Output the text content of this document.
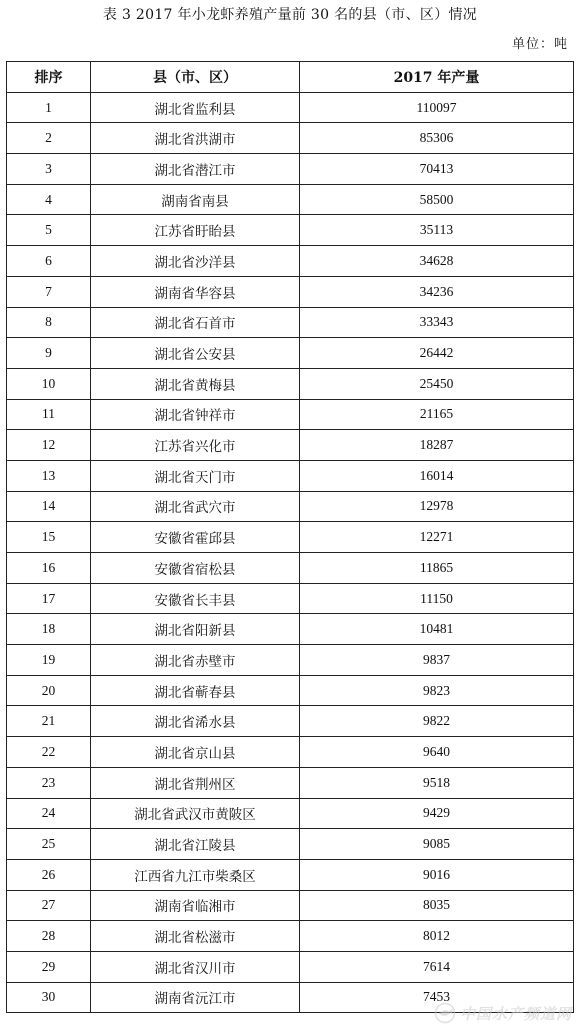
表 3 2017 年小龙虾养殖产量前 30 名的县（市、区）情况
单位：吨
排序	县（市、区）	2017 年产量
1	湖北省监利县	110097
2	湖北省洪湖市	85306
3	湖北省潜江市	70413
4	湖南省南县	58500
5	江苏省盱眙县	35113
6	湖北省沙洋县	34628
7	湖南省华容县	34236
8	湖北省石首市	33343
9	湖北省公安县	26442
10	湖北省黄梅县	25450
11	湖北省钟祥市	21165
12	江苏省兴化市	18287
13	湖北省天门市	16014
14	湖北省武穴市	12978
15	安徽省霍邱县	12271
16	安徽省宿松县	11865
17	安徽省长丰县	11150
18	湖北省阳新县	10481
19	湖北省赤壁市	9837
20	湖北省蕲春县	9823
21	湖北省浠水县	9822
22	湖北省京山县	9640
23	湖北省荆州区	9518
24	湖北省武汉市黄陂区	9429
25	湖北省江陵县	9085
26	江西省九江市柴桑区	9016
27	湖南省临湘市	8035
28	湖北省松滋市	8012
29	湖北省汉川市	7614
30	湖南省沅江市	7453
中国水产频道网
